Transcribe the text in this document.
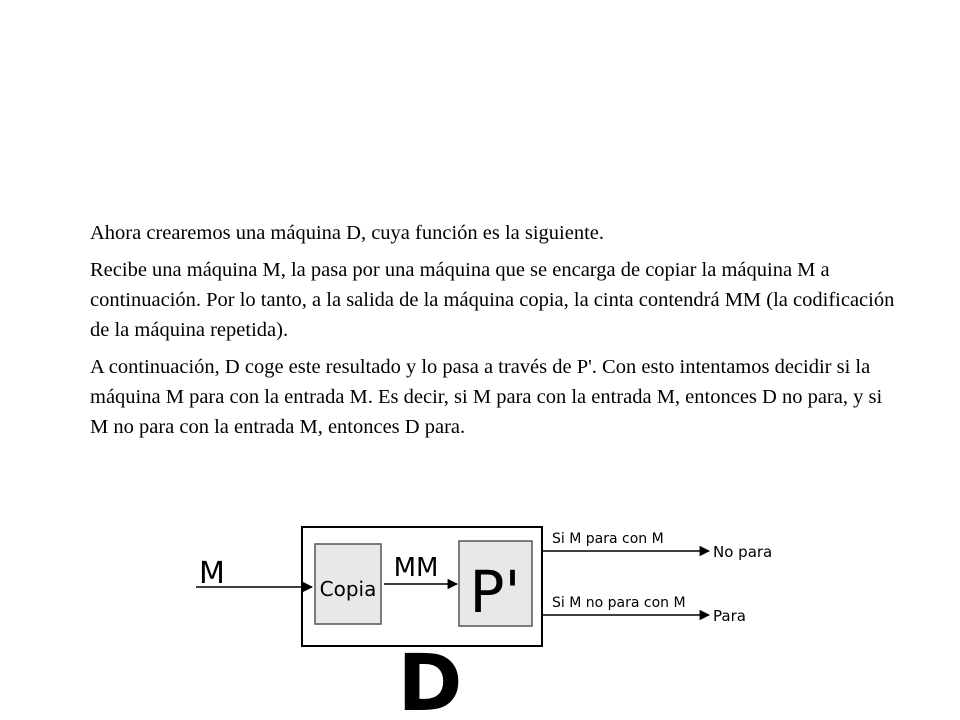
Ahora crearemos una máquina D, cuya función es la siguiente.

Recibe una máquina M, la pasa por una máquina que se encarga de copiar la máquina M a continuación. Por lo tanto, a la salida de la máquina copia, la cinta contendrá MM (la codificación de la máquina repetida).

A continuación, D coge este resultado y lo pasa a través de P'. Con esto intentamos decidir si la máquina M para con la entrada M. Es decir, si M para con la entrada M, entonces D no para, y si M no para con la entrada M, entonces D para.

Copia P'
M	MM
Si M para con M
No para
Si M no para con M
Para
D
